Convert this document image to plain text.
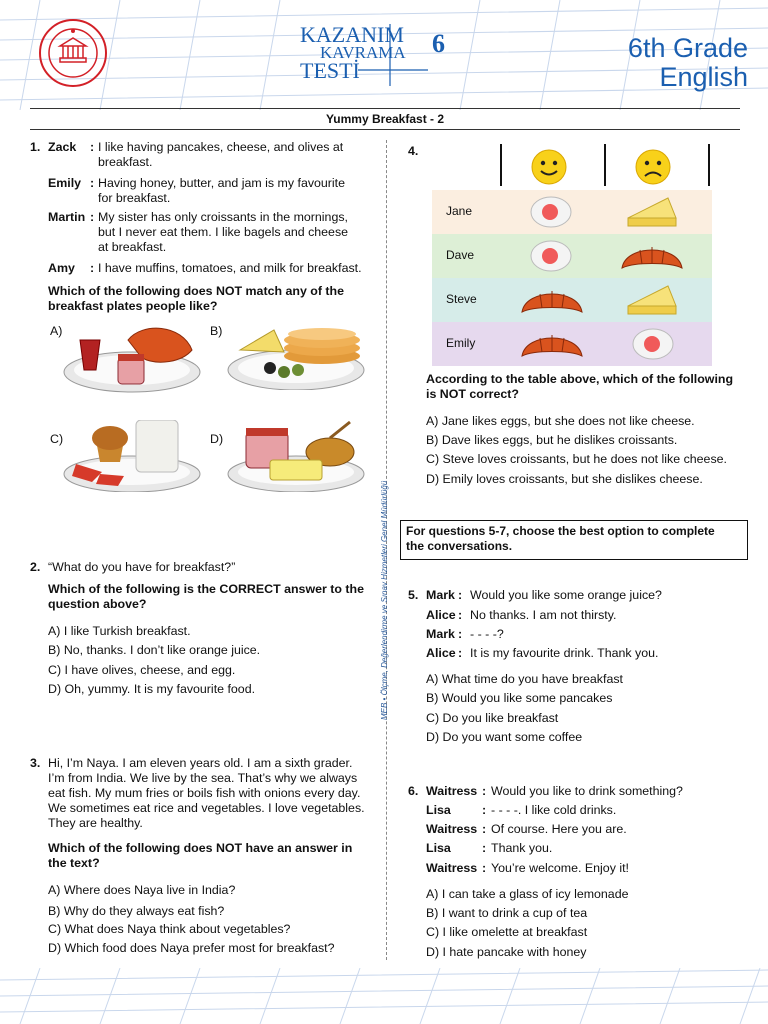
KAZANIM
KAVRAMA
TESTİ
6	6th Grade
English
Yummy Breakfast - 2
MEB • Ölçme, Değerlendirme ve Sınav Hizmetleri Genel Müdürlüğü
1. Zack : I like having pancakes, cheese, and olives at
breakfast.
Emily : Having honey, butter, and jam is my favourite
for breakfast.
Martin : My sister has only croissants in the mornings,
but I never eat them. I like bagels and cheese
at breakfast.
Amy : I have muffins, tomatoes, and milk for breakfast.
Which of the following does NOT match any of the
breakfast plates people like?
A)	B)
C)	D)
2. “What do you have for breakfast?”
Which of the following is the CORRECT answer to the
question above?
A) I like Turkish breakfast.
B) No, thanks. I don’t like orange juice.
C) I have olives, cheese, and egg.
D) Oh, yummy. It is my favourite food.
3. Hi, I’m Naya. I am eleven years old. I am a sixth grader.
I’m from India. We live by the sea. That’s why we always
eat fish. My mum fries or boils fish with onions every day.
We sometimes eat rice and vegetables. I love vegetables.
They are healthy.
Which of the following does NOT have an answer in
the text?
A) Where does Naya live in India?
B) Why do they always eat fish?
C) What does Naya think about vegetables?
D) Which food does Naya prefer most for breakfast?
4.
Jane
Dave
Steve
Emily
According to the table above, which of the following
is NOT correct?
A) Jane likes eggs, but she does not like cheese.
B) Dave likes eggs, but he dislikes croissants.
C) Steve loves croissants, but he does not like cheese.
D) Emily loves croissants, but she dislikes cheese.
For questions 5-7, choose the best option to complete
the conversations.
5. Mark : Would you like some orange juice?
Alice : No thanks. I am not thirsty.
Mark : - - - -?
Alice : It is my favourite drink. Thank you.
A) What time do you have breakfast
B) Would you like some pancakes
C) Do you like breakfast
D) Do you want some coffee
6. Waitress : Would you like to drink something?
Lisa	: - - - -. I like cold drinks.
Waitress : Of course. Here you are.
Lisa	: Thank you.
Waitress : You’re welcome. Enjoy it!
A) I can take a glass of icy lemonade
B) I want to drink a cup of tea
C) I like omelette at breakfast
D) I hate pancake with honey
